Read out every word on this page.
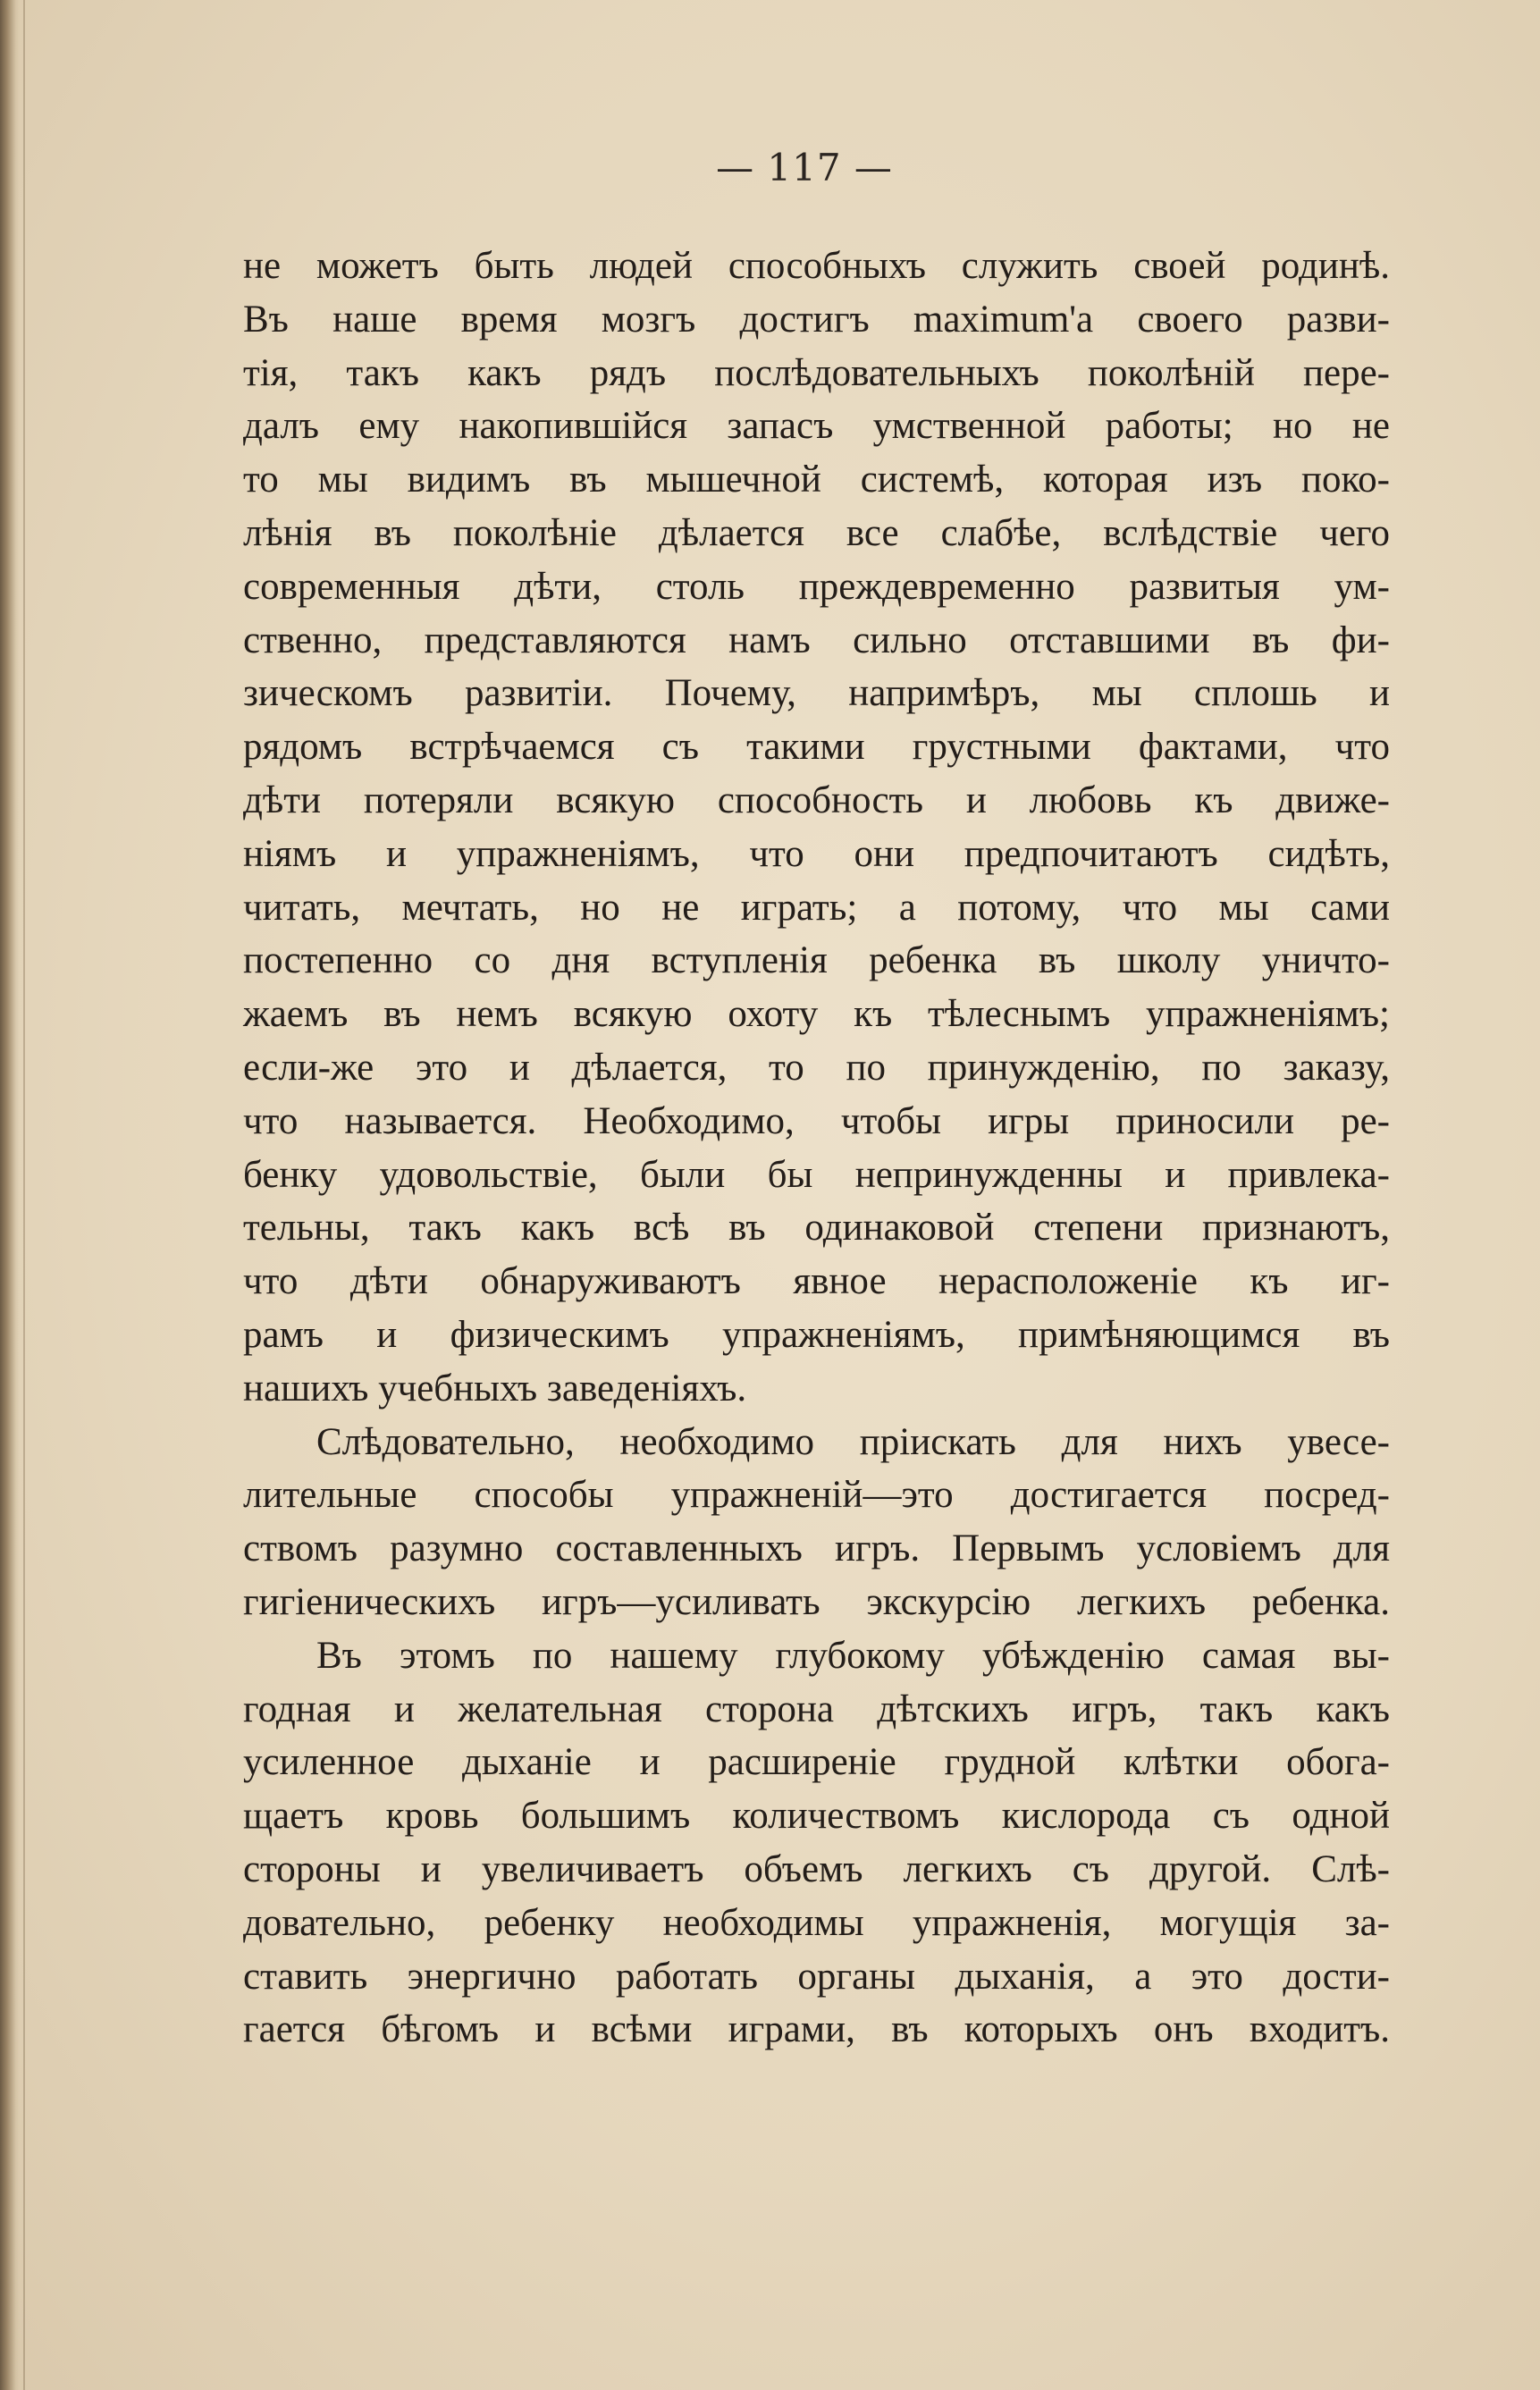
— 117 —
не можетъ быть людей способныхъ служить своей родинѣ.
Въ наше время мозгъ достигъ maximum'а своего разви-
тія, такъ какъ рядъ послѣдовательныхъ поколѣній пере-
далъ ему накопившійся запасъ умственной работы; но не
то мы видимъ въ мышечной системѣ, которая изъ поко-
лѣнія въ поколѣніе дѣлается все слабѣе, вслѣдствіе чего
современныя дѣти, столь преждевременно развитыя ум-
ственно, представляются намъ сильно отставшими въ фи-
зическомъ развитіи. Почему, напримѣръ, мы сплошь и
рядомъ встрѣчаемся съ такими грустными фактами, что
дѣти потеряли всякую способность и любовь къ движе-
ніямъ и упражненіямъ, что они предпочитаютъ сидѣть,
читать, мечтать, но не играть; а потому, что мы сами
постепенно со дня вступленія ребенка въ школу уничто-
жаемъ въ немъ всякую охоту къ тѣлеснымъ упражненіямъ;
если-же это и дѣлается, то по принужденію, по заказу,
что называется. Необходимо, чтобы игры приносили ре-
бенку удовольствіе, были бы непринужденны и привлека-
тельны, такъ какъ всѣ въ одинаковой степени признаютъ,
что дѣти обнаруживаютъ явное нерасположеніе къ иг-
рамъ и физическимъ упражненіямъ, примѣняющимся въ
нашихъ учебныхъ заведеніяхъ.
Слѣдовательно, необходимо пріискать для нихъ увесе-
лительные способы упражненій—это достигается посред-
ствомъ разумно составленныхъ игръ. Первымъ условіемъ для
гигіеническихъ игръ—усиливать экскурсію легкихъ ребенка.
Въ этомъ по нашему глубокому убѣжденію самая вы-
годная и желательная сторона дѣтскихъ игръ, такъ какъ
усиленное дыханіе и расширеніе грудной клѣтки обога-
щаетъ кровь большимъ количествомъ кислорода съ одной
стороны и увеличиваетъ объемъ легкихъ съ другой. Слѣ-
довательно, ребенку необходимы упражненія, могущія за-
ставить энергично работать органы дыханія, а это дости-
гается бѣгомъ и всѣми играми, въ которыхъ онъ входитъ.
